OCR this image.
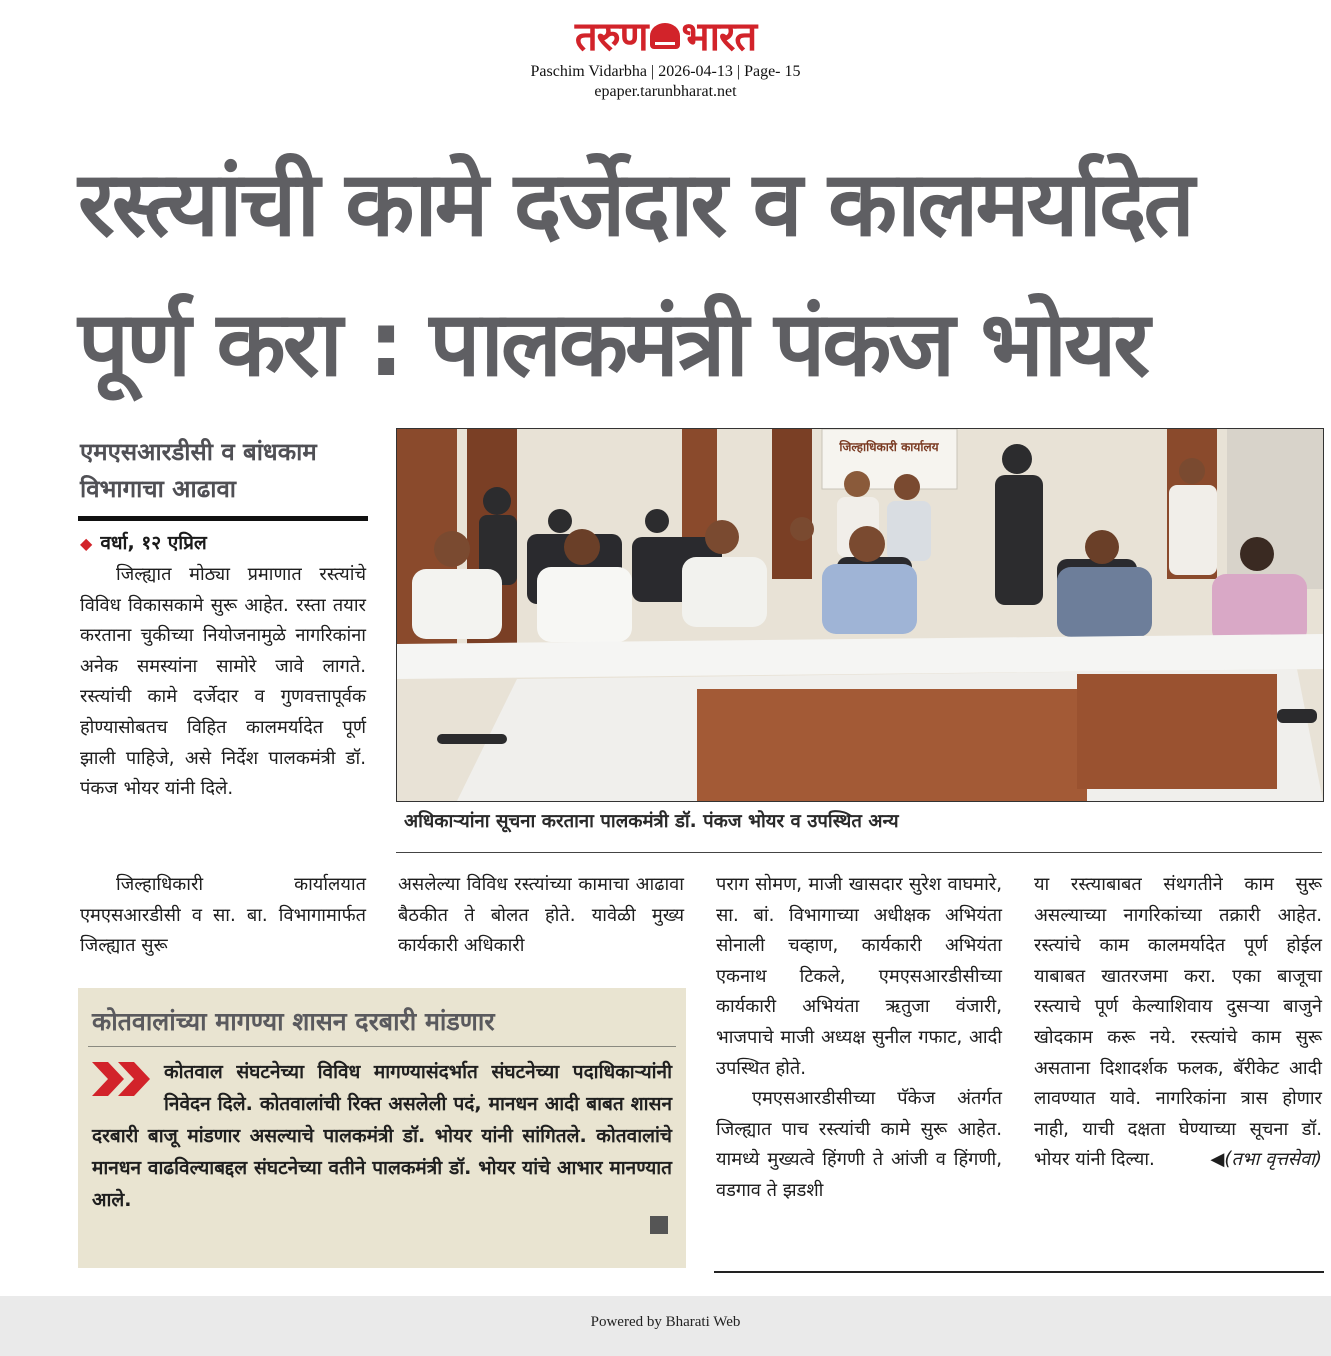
तरुण भारत
Paschim Vidarbha | 2026-04-13 | Page- 15
epaper.tarunbharat.net
रस्त्यांची कामे दर्जेदार व कालमर्यादेत
पूर्ण करा : पालकमंत्री पंकज भोयर
एमएसआरडीसी व बांधकाम विभागाचा आढावा
◆ वर्धा, १२ एप्रिल

जिल्ह्यात मोठ्या प्रमाणात रस्त्यांचे विविध विकासकामे सुरू आहेत. रस्ता तयार करताना चुकीच्या नियोजनामुळे नागरिकांना अनेक समस्यांना सामोरे जावे लागते. रस्त्यांची कामे दर्जेदार व गुणवत्तापूर्वक होण्यासोबतच विहित कालमर्यादेत पूर्ण झाली पाहिजे, असे निर्देश पालकमंत्री डॉ. पंकज भोयर यांनी दिले.

जिल्हाधिकारी कार्यालयात एमएसआरडीसी व सा. बा. विभागामार्फत जिल्ह्यात सुरू

जिल्हाधिकारी कार्यालय
अधिकाऱ्यांना सूचना करताना पालकमंत्री डॉ. पंकज भोयर व उपस्थित अन्य

असलेल्या विविध रस्त्यांच्या कामाचा आढावा बैठकीत ते बोलत होते. यावेळी मुख्य कार्यकारी अधिकारी

पराग सोमण, माजी खासदार सुरेश वाघमारे, सा. बां. विभागाच्या अधीक्षक अभियंता सोनाली चव्हाण, कार्यकारी अभियंता एकनाथ टिकले, एमएसआरडीसीच्या कार्यकारी अभियंता ऋतुजा वंजारी, भाजपाचे माजी अध्यक्ष सुनील गफाट, आदी उपस्थित होते.

एमएसआरडीसीच्या पॅकेज अंतर्गत जिल्ह्यात पाच रस्त्यांची कामे सुरू आहेत. यामध्ये मुख्यत्वे हिंगणी ते आंजी व हिंगणी, वडगाव ते झडशी

या रस्त्याबाबत संथगतीने काम सुरू असल्याच्या नागरिकांच्या तक्रारी आहेत. रस्त्यांचे काम कालमर्यादेत पूर्ण होईल याबाबत खातरजमा करा. एका बाजूचा रस्त्याचे पूर्ण केल्याशिवाय दुसऱ्या बाजुने खोदकाम करू नये. रस्त्यांचे काम सुरू असताना दिशादर्शक फलक, बॅरीकेट आदी लावण्यात यावे. नागरिकांना त्रास होणार नाही, याची दक्षता घेण्याच्या सूचना डॉ. भोयर यांनी दिल्या.	◀(तभा वृत्तसेवा)

कोतवालांच्या मागण्या शासन दरबारी मांडणार
कोतवाल संघटनेच्या विविध मागण्यासंदर्भात संघटनेच्या पदाधिकाऱ्यांनी निवेदन दिले. कोतवालांची रिक्त असलेली पदं, मानधन आदी बाबत शासन दरबारी बाजू मांडणार असल्याचे पालकमंत्री डॉ. भोयर यांनी सांगितले. कोतवालांचे मानधन वाढविल्याबद्दल संघटनेच्या वतीने पालकमंत्री डॉ. भोयर यांचे आभार मानण्यात आले.
Powered by Bharati Web
